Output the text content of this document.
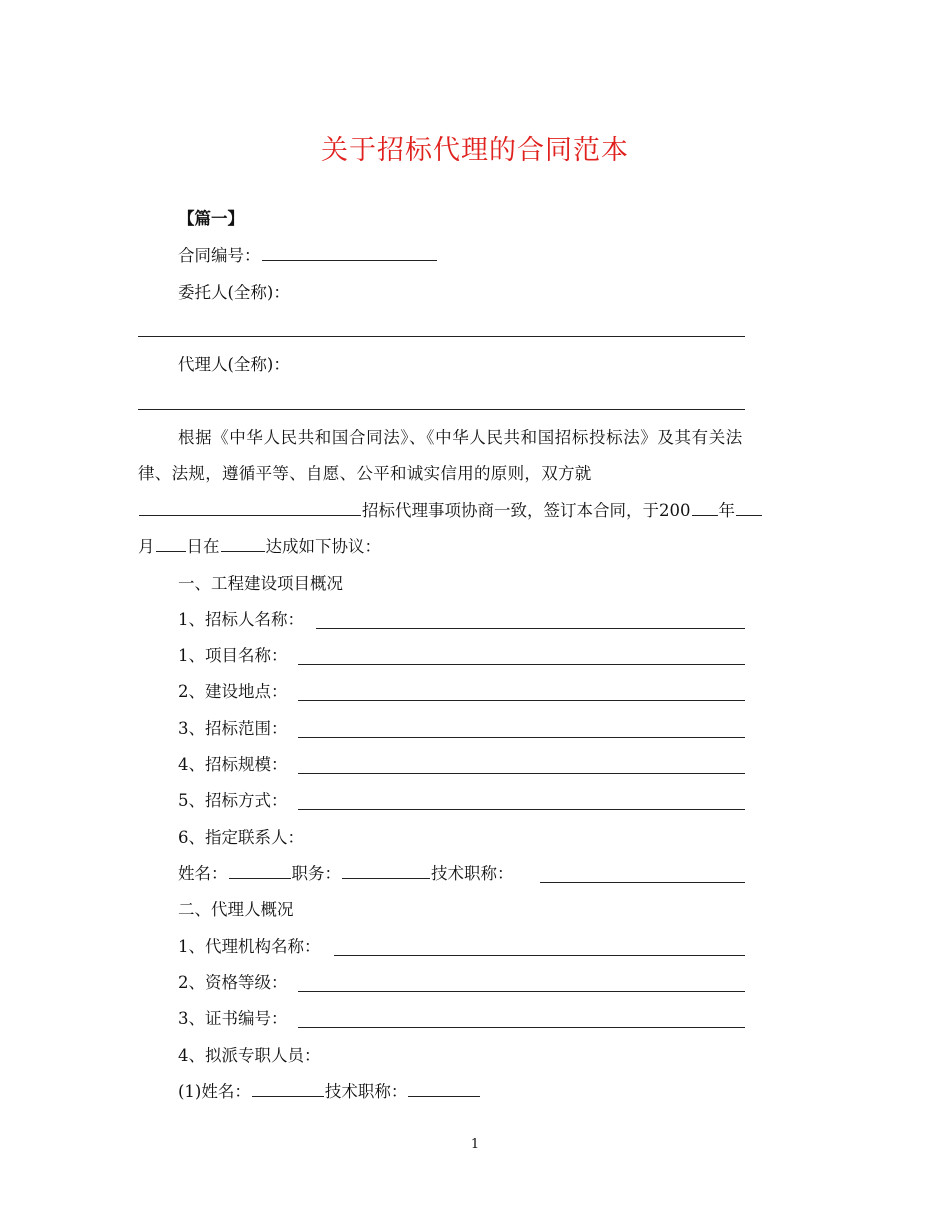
关于招标代理的合同范本
【篇一】
合同编号：
委托人(全称)：
代理人(全称)：
根据《中华人民共和国合同法》、《中华人民共和国招标投标法》及其有关法
律、法规，遵循平等、自愿、公平和诚实信用的原则，双方就
招标代理事项协商一致，签订本合同，于200 年
月 日在	达成如下协议：
一、工程建设项目概况
1、招标人名称：
1、项目名称：
2、建设地点：
3、招标范围：
4、招标规模：
5、招标方式：
6、指定联系人：
姓名：	职务：	技术职称：
二、代理人概况
1、代理机构名称：
2、资格等级：
3、证书编号：
4、拟派专职人员：
(1)姓名：	技术职称：
1
